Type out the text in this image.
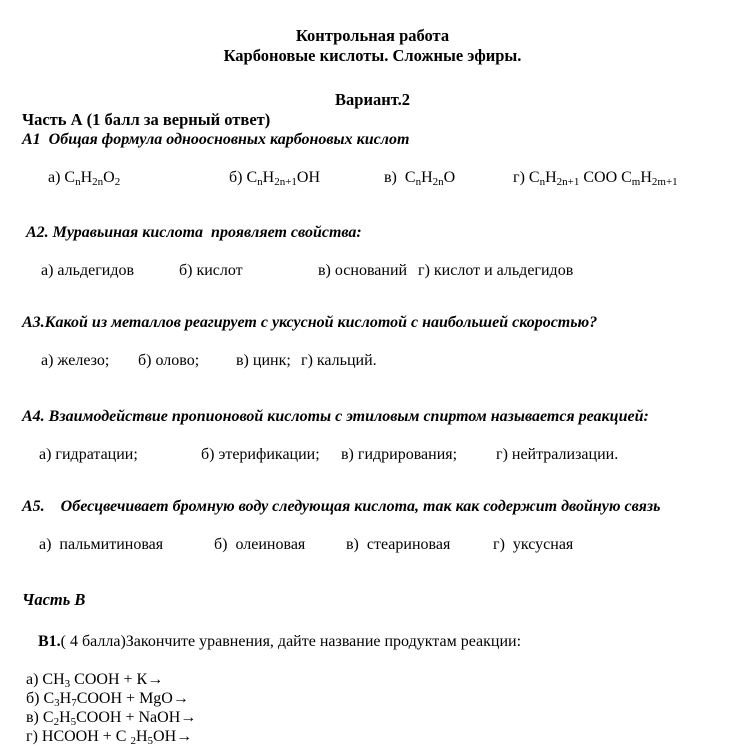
Контрольная работа
Карбоновые кислоты. Сложные эфиры.
Вариант.2
Часть А (1 балл за верный ответ)
А1  Общая формула одноосновных карбоновых кислот

а) $C_nH_{2n}O_2$	б) $C_nH_{2n+1}OH$	в)  $C_nH_{2n}O$	г) $C_nH_{2n+1}$ COO $C_mH_{2m+1}$

А2. Муравьиная кислота  проявляет свойства:

а) альдегидов	б) кислот	в) оснований г) кислот и альдегидов

А3.Какой из металлов реагирует с уксусной кислотой с наибольшей скоростью?

а) железо; б) олово; в) цинк; г) кальций.

А4. Взаимодействие пропионовой кислоты с этиловым спиртом называется реакцией:

а) гидратации;	б) этерификации; в) гидрирования; г) нейтрализации.

А5.    Обесцвечивает бромную воду следующая кислота, так как содержит двойную связь

а)  пальмитиновая	б)  олеиновая	в)  стеариновая	г)  уксусная

Часть В

В1.( 4 балла)Закончите уравнения, дайте название продуктам реакции:

а) $CH_3$ COOH + К→
б) $C_3H_7COOH + MgO\to$
в) $C_2H_5COOH$ + NaOH→
г) HCOOH + C $_2H_5OH\to$
